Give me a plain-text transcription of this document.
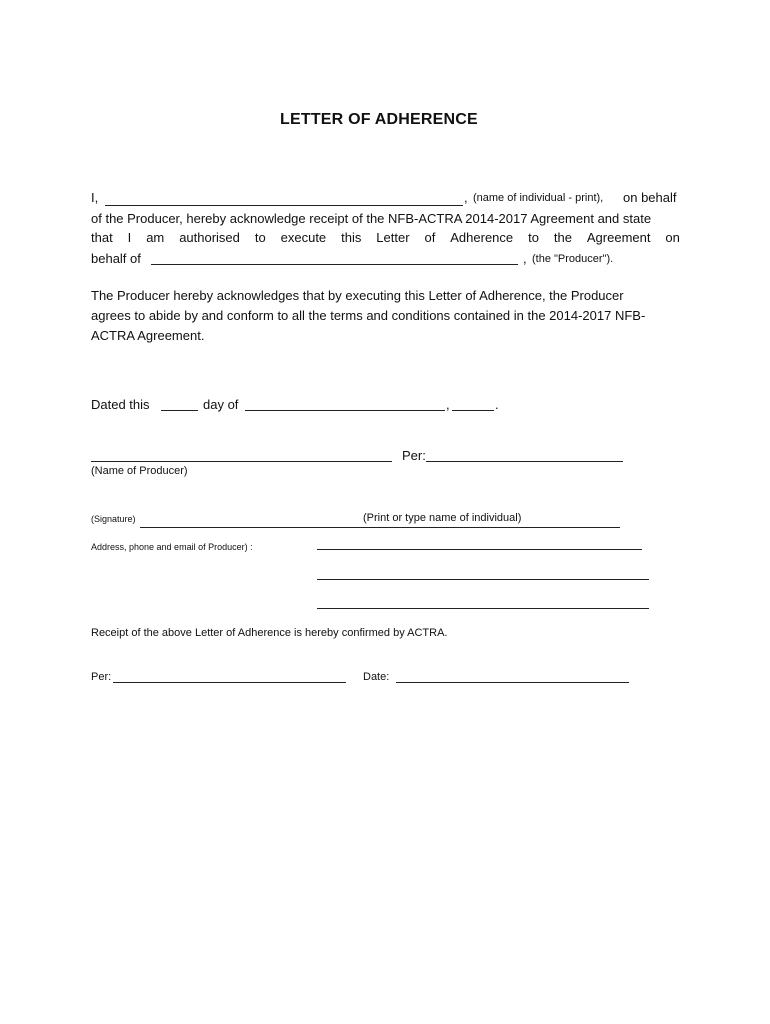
LETTER OF ADHERENCE
I,	, (name of individual - print), on behalf
of the Producer, hereby acknowledge receipt of the NFB-ACTRA 2014-2017 Agreement and state
that I am authorised to execute this Letter of Adherence to the Agreement on
behalf of	, (the "Producer").
The Producer hereby acknowledges that by executing this Letter of Adherence, the Producer
agrees to abide by and conform to all the terms and conditions contained in the 2014-2017 NFB-
ACTRA Agreement.
Dated this	day of	,	.
Per:
(Name of Producer)
(Signature)	(Print or type name of individual)
Address, phone and email of Producer) :
Receipt of the above Letter of Adherence is hereby confirmed by ACTRA.
Per:	Date:
